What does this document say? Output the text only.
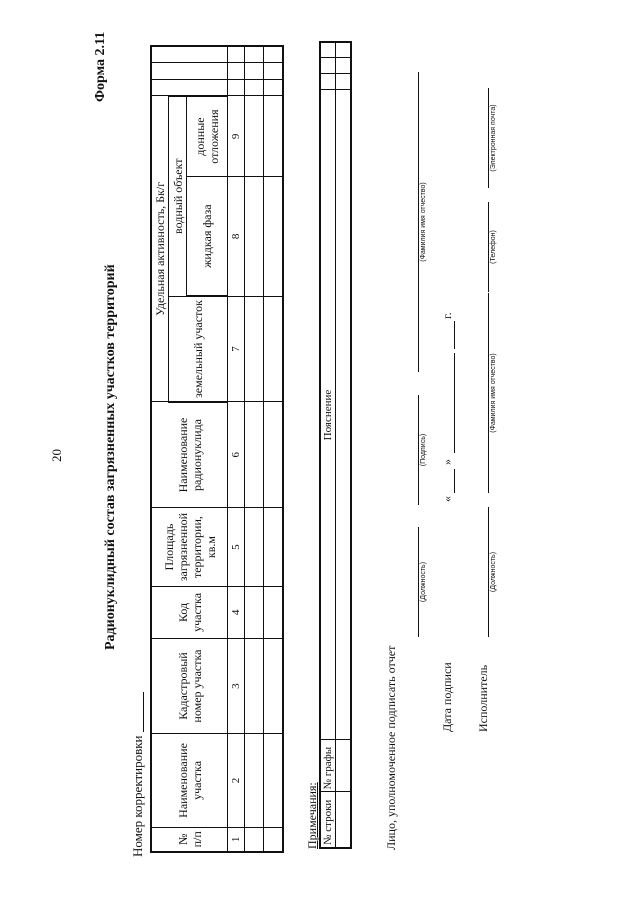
20
Форма 2.11
Радионуклидный состав загрязненных участков территорий
Номер корректировки	№ п/п	Наименование участка	Кадастровый номер участка	Код участка	Площадь загрязненной территории, кв.м	Наименование радионуклида	Удельная активность, Бк/г					
						земельный участок	водный объект				
							жидкая фаза	донные отложения			
1	2	3	4	5	6	7	8	9			

Примечания: № строки	№ графы	Пояснение			

Лицо, уполномоченное подписать отчет
(Должность)
(Подпись)
(Фамилия имя отчество)
Дата подписи
«
»
г.
Исполнитель
(Должность)
(Фамилия имя отчество)
(Телефон)
(Электронная почта)
